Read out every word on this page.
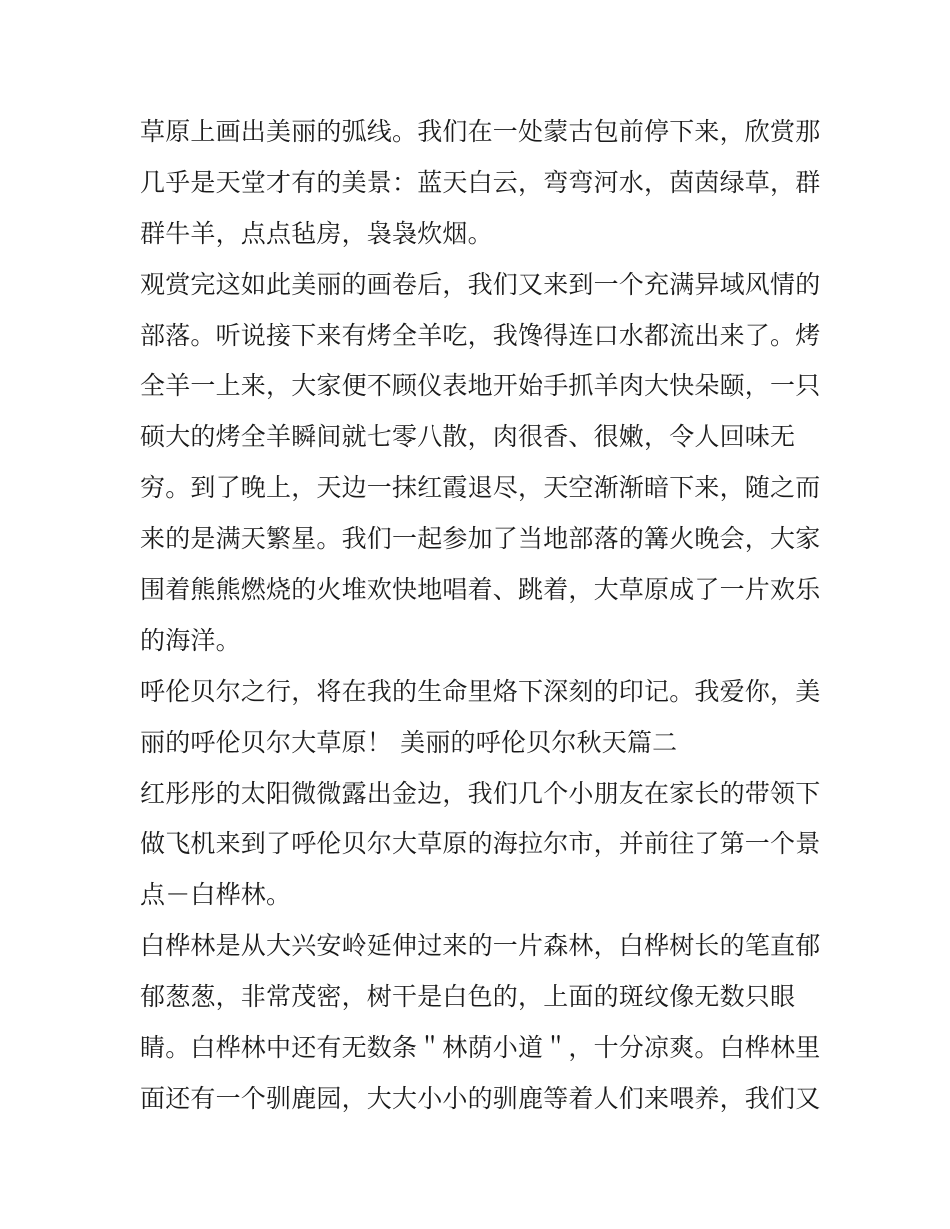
草原上画出美丽的弧线。我们在一处蒙古包前停下来，欣赏那
几乎是天堂才有的美景：蓝天白云，弯弯河水，茵茵绿草，群
群牛羊，点点毡房，袅袅炊烟。
观赏完这如此美丽的画卷后，我们又来到一个充满异域风情的
部落。听说接下来有烤全羊吃，我馋得连口水都流出来了。烤
全羊一上来，大家便不顾仪表地开始手抓羊肉大快朵颐，一只
硕大的烤全羊瞬间就七零八散，肉很香、很嫩，令人回味无
穷。到了晚上，天边一抹红霞退尽，天空渐渐暗下来，随之而
来的是满天繁星。我们一起参加了当地部落的篝火晚会，大家
围着熊熊燃烧的火堆欢快地唱着、跳着，大草原成了一片欢乐
的海洋。
呼伦贝尔之行，将在我的生命里烙下深刻的印记。我爱你，美
丽的呼伦贝尔大草原！ 美丽的呼伦贝尔秋天篇二
红彤彤的太阳微微露出金边，我们几个小朋友在家长的带领下
做飞机来到了呼伦贝尔大草原的海拉尔市，并前往了第一个景
点－白桦林。
白桦林是从大兴安岭延伸过来的一片森林，白桦树长的笔直郁
郁葱葱，非常茂密，树干是白色的，上面的斑纹像无数只眼
睛。白桦林中还有无数条＂林荫小道＂，十分凉爽。白桦林里
面还有一个驯鹿园，大大小小的驯鹿等着人们来喂养，我们又
